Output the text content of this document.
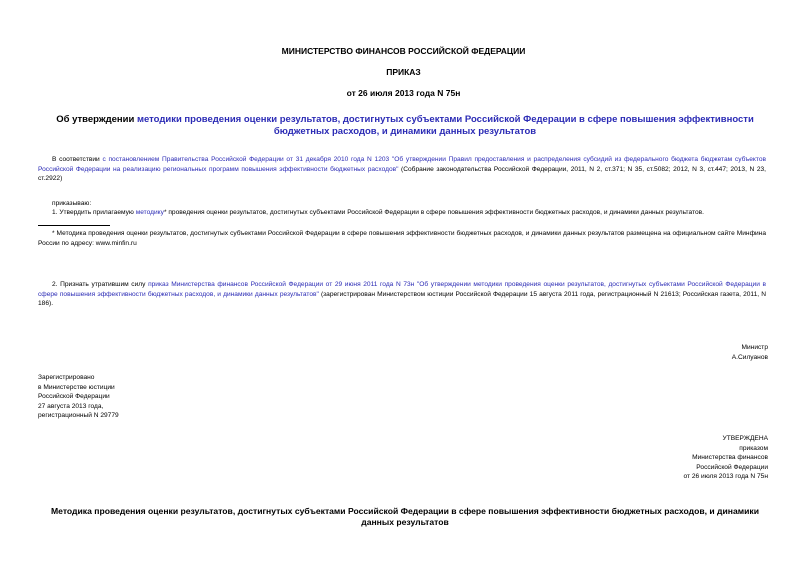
МИНИСТЕРСТВО ФИНАНСОВ РОССИЙСКОЙ ФЕДЕРАЦИИ
ПРИКАЗ
от 26 июля 2013 года N 75н
Об утверждении методики проведения оценки результатов, достигнутых субъектами Российской Федерации в сфере повышения эффективности бюджетных расходов, и динамики данных результатов
В соответствии с постановлением Правительства Российской Федерации от 31 декабря 2010 года N 1203 "Об утверждении Правил предоставления и распределения субсидий из федерального бюджета бюджетам субъектов Российской Федерации на реализацию региональных программ повышения эффективности бюджетных расходов" (Собрание законодательства Российской Федерации, 2011, N 2, ст.371; N 35, ст.5082; 2012, N 3, ст.447; 2013, N 23, ст.2922)
приказываю:
1. Утвердить прилагаемую методику* проведения оценки результатов, достигнутых субъектами Российской Федерации в сфере повышения эффективности бюджетных расходов, и динамики данных результатов.
* Методика проведения оценки результатов, достигнутых субъектами Российской Федерации в сфере повышения эффективности бюджетных расходов, и динамики данных результатов размещена на официальном сайте Минфина России по адресу: www.minfin.ru
2. Признать утратившим силу приказ Министерства финансов Российской Федерации от 29 июня 2011 года N 73н "Об утверждении методики проведения оценки результатов, достигнутых субъектами Российской Федерации в сфере повышения эффективности бюджетных расходов, и динамики данных результатов" (зарегистрирован Министерством юстиции Российской Федерации 15 августа 2011 года, регистрационный N 21613; Российская газета, 2011, N 186).
Министр
А.Силуанов
Зарегистрировано
в Министерстве юстиции
Российской Федерации
27 августа 2013 года,
регистрационный N 29779
УТВЕРЖДЕНА
приказом
Министерства финансов
Российской Федерации
от 26 июля 2013 года N 75н
Методика проведения оценки результатов, достигнутых субъектами Российской Федерации в сфере повышения эффективности бюджетных расходов, и динамики данных результатов
